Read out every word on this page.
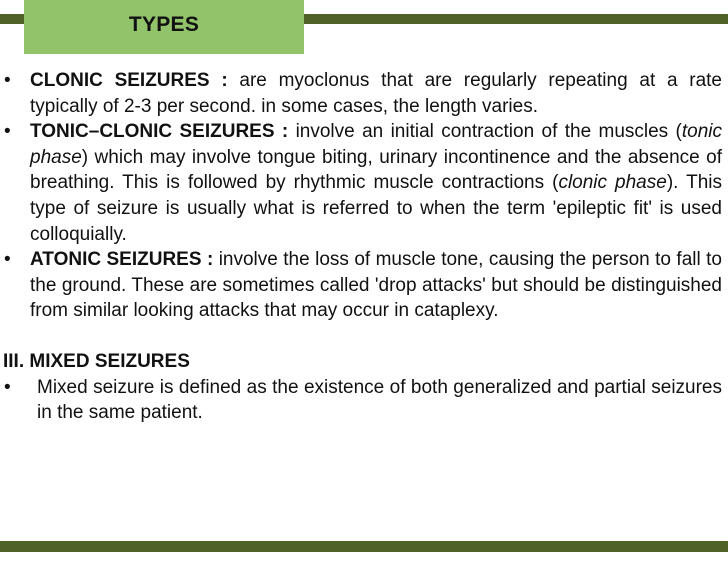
TYPES
• CLONIC SEIZURES : are myoclonus that are regularly repeating at a rate typically of 2-3 per second. in some cases, the length varies.
• TONIC–CLONIC SEIZURES : involve an initial contraction of the muscles (tonic phase) which may involve tongue biting, urinary incontinence and the absence of breathing. This is followed by rhythmic muscle contractions (clonic phase). This type of seizure is usually what is referred to when the term 'epileptic fit' is used colloquially.
• ATONIC SEIZURES : involve the loss of muscle tone, causing the person to fall to the ground. These are sometimes called 'drop attacks' but should be distinguished from similar looking attacks that may occur in cataplexy.
III. MIXED SEIZURES
• Mixed seizure is defined as the existence of both generalized and partial seizures in the same patient.
